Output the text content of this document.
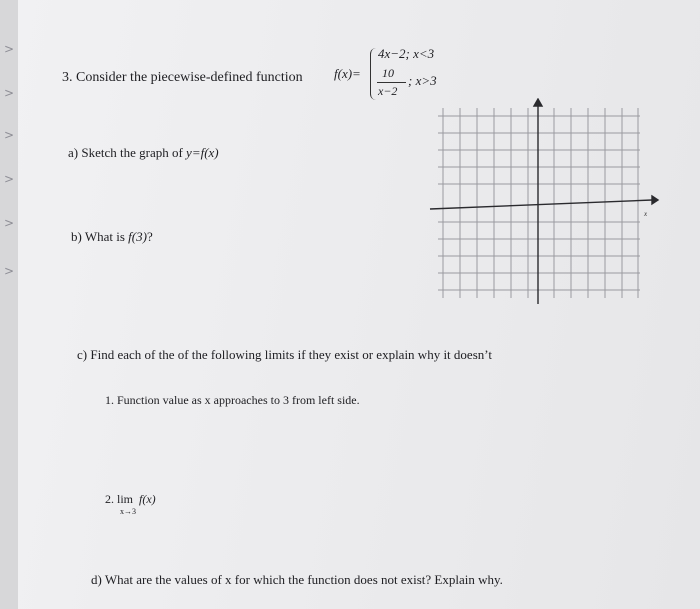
>
>
>
>
>
>
3. Consider the piecewise-defined function f(x)=
4x−2; x<3
10
x−2
; x>3
a) Sketch the graph of y=f(x)
b) What is f(3)?
x
c) Find each of the of the following limits if they exist or explain why it doesn’t
1. Function value as x approaches to 3 from left side.
2. lim f(x)
x→3
d) What are the values of x for which the function does not exist? Explain why.
